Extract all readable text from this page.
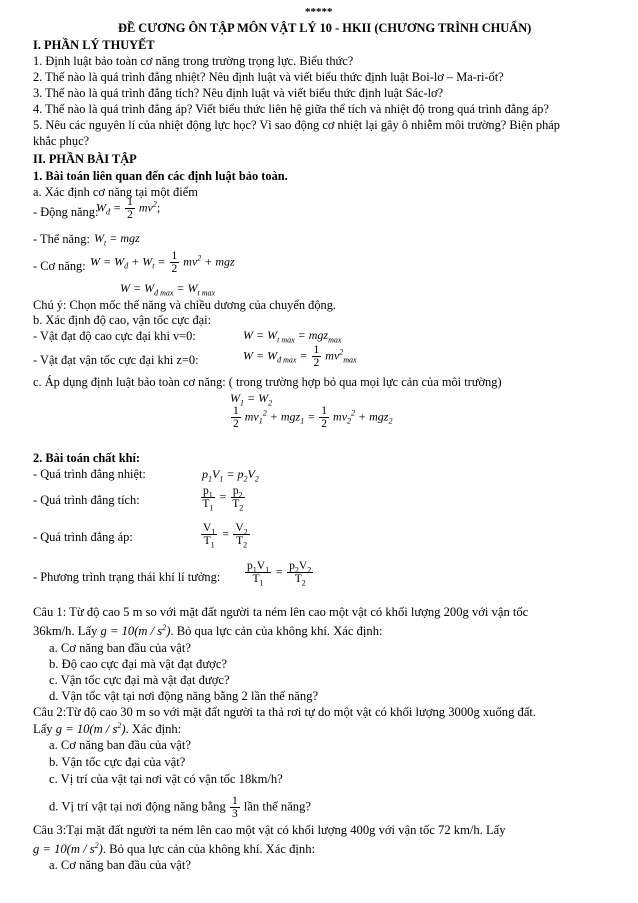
*****
ĐỀ CƯƠNG ÔN TẬP MÔN VẬT LÝ 10 - HKII (CHƯƠNG TRÌNH CHUẨN)
I. PHẦN LÝ THUYẾT
1. Định luật bảo toàn cơ năng trong trường trọng lực. Biểu thức?
2. Thế nào là quá trình đẳng nhiệt? Nêu định luật và viết biểu thức định luật Boi-lơ – Ma-ri-ốt?
3. Thế nào là quá trình đẳng tích? Nêu định luật và viết biểu thức định luật Sác-lơ?
4. Thế nào là quá trình đẳng áp? Viết biểu thức liên hệ giữa thể tích và nhiệt độ trong quá trình đẳng áp?
5. Nêu các nguyên lí của nhiệt động lực học? Vì sao động cơ nhiệt lại gây ô nhiễm môi trường? Biện pháp
khắc phục?
II. PHẦN BÀI TẬP
1. Bài toán liên quan đến các định luật bảo toàn.
a. Xác định cơ năng tại một điểm
- Động năng:
$W_đ = \frac{1}{2} mv^2$;
- Thế năng: $W_t$ = mgz
- Cơ năng: $W = W_đ + W_t = \frac{1}{2} mv^2$ + mgz
$W = W_{đ max} = W_{t max}$
Chú ý: Chọn mốc thế năng và chiều dương của chuyển động.
b. Xác định độ cao, vận tốc cực đại:
- Vật đạt độ cao cực đại khi v=0:	$W = W_{t max} = mgz_{max}$
- Vật đạt vận tốc cực đại khi z=0:	$W = W_{đ max} = \frac{1}{2} mv^2_{max}$
c. Áp dụng định luật bảo toàn cơ năng: ( trong trường hợp bỏ qua mọi lực cản của môi trường)
$W_1 = W_2$
$\frac{1}{2} mv_1^2 + mgz_1 = \frac{1}{2} mv_2^2 + mgz_2$
2. Bài toán chất khí:
- Quá trình đẳng nhiệt:	$p_1V_1 = p_2V_2$
- Quá trình đẳng tích:	$\frac{p_1}{T_1} = \frac{p_2}{T_2}$
- Quá trình đẳng áp:	$\frac{V_1}{T_1} = \frac{V_2}{T_2}$
- Phương trình trạng thái khí lí tưởng: $\frac{p_1V_1}{T_1} = \frac{p_2V_2}{T_2}$
Câu 1: Từ độ cao 5 m so với mặt đất người ta ném lên cao một vật có khối lượng 200g với vận tốc
36km/h. Lấy $g = 10(m / s^2)$. Bỏ qua lực cản của không khí. Xác định:
a. Cơ năng ban đầu của vật?
b. Độ cao cực đại mà vật đạt được?
c. Vận tốc cực đại mà vật đạt được?
d. Vận tốc vật tại nơi động năng bằng 2 lần thế năng?
Câu 2:Từ độ cao 30 m so với mặt đất người ta thả rơi tự do một vật có khối lượng 3000g xuống đất.
Lấy $g = 10(m / s^2)$. Xác định:
a. Cơ năng ban đầu của vật?
b. Vận tốc cực đại của vật?
c. Vị trí của vật tại nơi vật có vận tốc 18km/h?
d. Vị trí vật tại nơi động năng bằng $\frac{1}{3}$ lần thế năng?
Câu 3:Tại mặt đất người ta ném lên cao một vật có khối lượng 400g với vận tốc 72 km/h. Lấy
$g = 10(m / s^2)$. Bỏ qua lực cản của không khí. Xác định:
a. Cơ năng ban đầu của vật?
